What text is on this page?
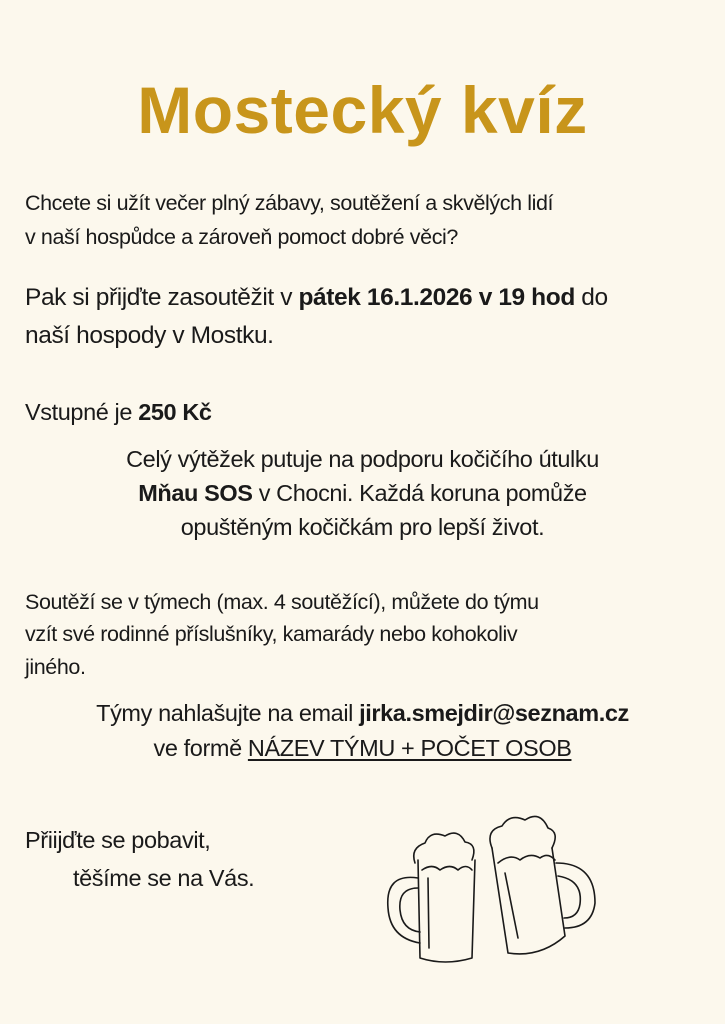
Mostecký kvíz
Chcete si užít večer plný zábavy, soutěžení a skvělých lidí
v naší hospůdce a zároveň pomoct dobré věci?
Pak si přijďte zasoutěžit v pátek 16.1.2026 v 19 hod do
naší hospody v Mostku.
Vstupné je 250 Kč
Celý výtěžek putuje na podporu kočičího útulku
Mňau SOS v Chocni. Každá koruna pomůže
opuštěným kočičkám pro lepší život.
Soutěží se v týmech (max. 4 soutěžící), můžete do týmu
vzít své rodinné příslušníky, kamarády nebo kohokoliv
jiného.
Týmy nahlašujte na email jirka.smejdir@seznam.cz
ve formě NÁZEV TÝMU + POČET OSOB
Přiijďte se pobavit,
těšíme se na Vás.
